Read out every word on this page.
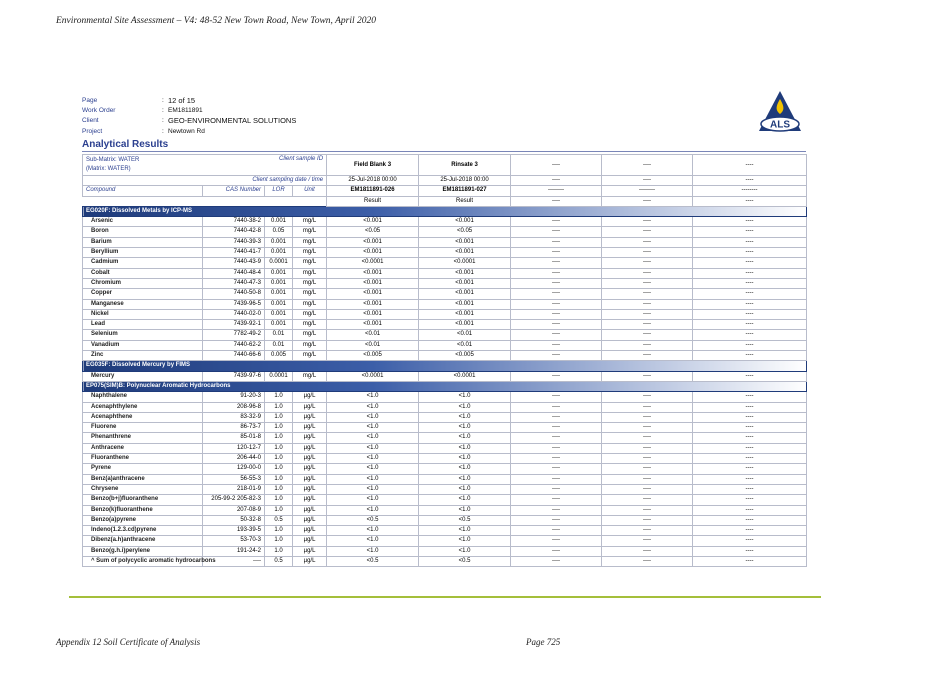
Environmental Site Assessment – V4: 48-52 New Town Road, New Town, April 2020
Page	: 12 of 15
Work Order	: EM1811891
Client	: GEO-ENVIRONMENTAL SOLUTIONS
Project	: Newtown Rd
ALS
Analytical Results
Sub-Matrix: WATER
(Matrix: WATER)		Client sample ID		Field Blank 3	Rinsate 3	----	----	----
Client sampling date / time				25-Jul-2018 00:00	25-Jul-2018 00:00	----	----	----
Compound	CAS Number	LOR	Unit	EM1811891-026	EM1811891-027	--------	--------	--------
				Result	Result	----	----	----
EG020F: Dissolved Metals by ICP-MS								
Arsenic	7440-38-2	0.001	mg/L	<0.001	<0.001	----	----	----
Boron	7440-42-8	0.05	mg/L	<0.05	<0.05	----	----	----
Barium	7440-39-3	0.001	mg/L	<0.001	<0.001	----	----	----
Beryllium	7440-41-7	0.001	mg/L	<0.001	<0.001	----	----	----
Cadmium	7440-43-9	0.0001	mg/L	<0.0001	<0.0001	----	----	----
Cobalt	7440-48-4	0.001	mg/L	<0.001	<0.001	----	----	----
Chromium	7440-47-3	0.001	mg/L	<0.001	<0.001	----	----	----
Copper	7440-50-8	0.001	mg/L	<0.001	<0.001	----	----	----
Manganese	7439-96-5	0.001	mg/L	<0.001	<0.001	----	----	----
Nickel	7440-02-0	0.001	mg/L	<0.001	<0.001	----	----	----
Lead	7439-92-1	0.001	mg/L	<0.001	<0.001	----	----	----
Selenium	7782-49-2	0.01	mg/L	<0.01	<0.01	----	----	----
Vanadium	7440-62-2	0.01	mg/L	<0.01	<0.01	----	----	----
Zinc	7440-66-6	0.005	mg/L	<0.005	<0.005	----	----	----
EG035F: Dissolved Mercury by FIMS								
Mercury	7439-97-6	0.0001	mg/L	<0.0001	<0.0001	----	----	----
EP075(SIM)B: Polynuclear Aromatic Hydrocarbons								
Naphthalene	91-20-3	1.0	µg/L	<1.0	<1.0	----	----	----
Acenaphthylene	208-96-8	1.0	µg/L	<1.0	<1.0	----	----	----
Acenaphthene	83-32-9	1.0	µg/L	<1.0	<1.0	----	----	----
Fluorene	86-73-7	1.0	µg/L	<1.0	<1.0	----	----	----
Phenanthrene	85-01-8	1.0	µg/L	<1.0	<1.0	----	----	----
Anthracene	120-12-7	1.0	µg/L	<1.0	<1.0	----	----	----
Fluoranthene	206-44-0	1.0	µg/L	<1.0	<1.0	----	----	----
Pyrene	129-00-0	1.0	µg/L	<1.0	<1.0	----	----	----
Benz(a)anthracene	56-55-3	1.0	µg/L	<1.0	<1.0	----	----	----
Chrysene	218-01-9	1.0	µg/L	<1.0	<1.0	----	----	----
Benzo(b+j)fluoranthene	205-99-2 205-82-3	1.0	µg/L	<1.0	<1.0	----	----	----
Benzo(k)fluoranthene	207-08-9	1.0	µg/L	<1.0	<1.0	----	----	----
Benzo(a)pyrene	50-32-8	0.5	µg/L	<0.5	<0.5	----	----	----
Indeno(1.2.3.cd)pyrene	193-39-5	1.0	µg/L	<1.0	<1.0	----	----	----
Dibenz(a.h)anthracene	53-70-3	1.0	µg/L	<1.0	<1.0	----	----	----
Benzo(g.h.i)perylene	191-24-2	1.0	µg/L	<1.0	<1.0	----	----	----
^ Sum of polycyclic aromatic hydrocarbons	----	0.5	µg/L	<0.5	<0.5	----	----	----
Appendix 12 Soil Certificate of Analysis	Page 725
